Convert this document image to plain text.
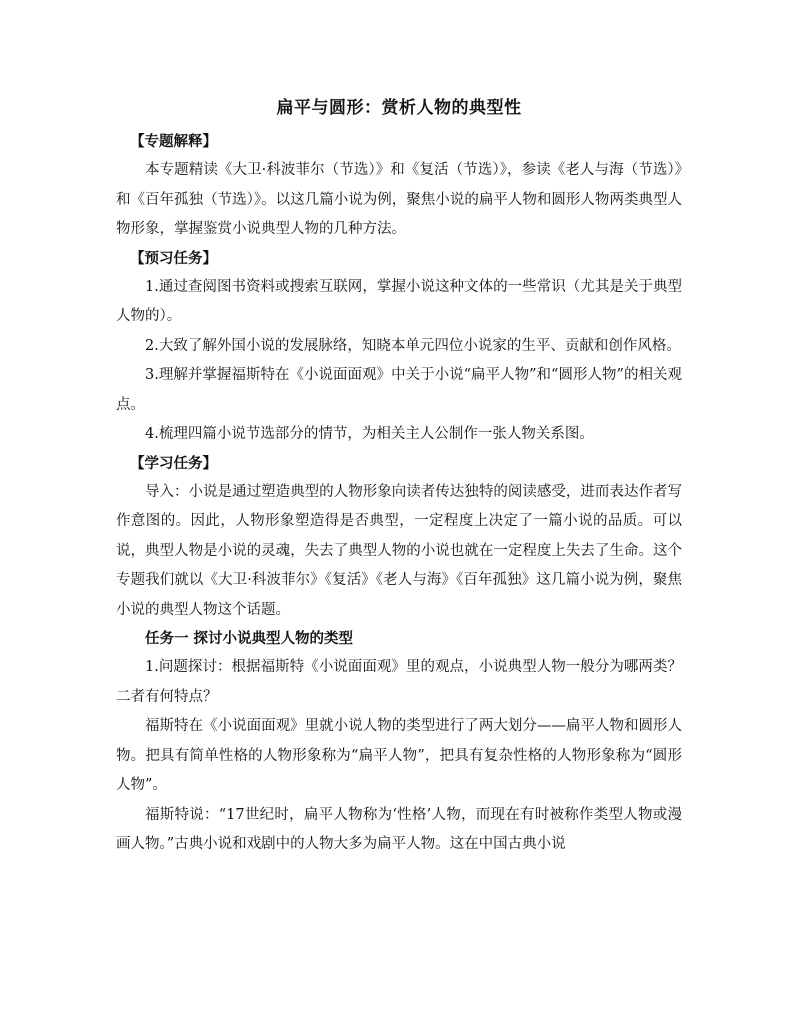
扁平与圆形：赏析人物的典型性

【专题解释】

本专题精读《大卫·科波菲尔（节选）》和《复活（节选）》，参读《老人与海（节选）》和《百年孤独（节选）》。以这几篇小说为例，聚焦小说的扁平人物和圆形人物两类典型人物形象，掌握鉴赏小说典型人物的几种方法。

【预习任务】

1.通过查阅图书资料或搜索互联网，掌握小说这种文体的一些常识（尤其是关于典型人物的）。

2.大致了解外国小说的发展脉络，知晓本单元四位小说家的生平、贡献和创作风格。

3.理解并掌握福斯特在《小说面面观》中关于小说“扁平人物”和“圆形人物”的相关观点。

4.梳理四篇小说节选部分的情节，为相关主人公制作一张人物关系图。

【学习任务】

导入：小说是通过塑造典型的人物形象向读者传达独特的阅读感受，进而表达作者写作意图的。因此，人物形象塑造得是否典型，一定程度上决定了一篇小说的品质。可以说，典型人物是小说的灵魂，失去了典型人物的小说也就在一定程度上失去了生命。这个专题我们就以《大卫·科波菲尔》《复活》《老人与海》《百年孤独》这几篇小说为例，聚焦小说的典型人物这个话题。

任务一 探讨小说典型人物的类型

1.问题探讨：根据福斯特《小说面面观》里的观点，小说典型人物一般分为哪两类？二者有何特点？

福斯特在《小说面面观》里就小说人物的类型进行了两大划分——扁平人物和圆形人物。把具有简单性格的人物形象称为“扁平人物”，把具有复杂性格的人物形象称为“圆形人物”。

福斯特说：“17世纪时，扁平人物称为‘性格’人物，而现在有时被称作类型人物或漫画人物。”古典小说和戏剧中的人物大多为扁平人物。这在中国古典小说
